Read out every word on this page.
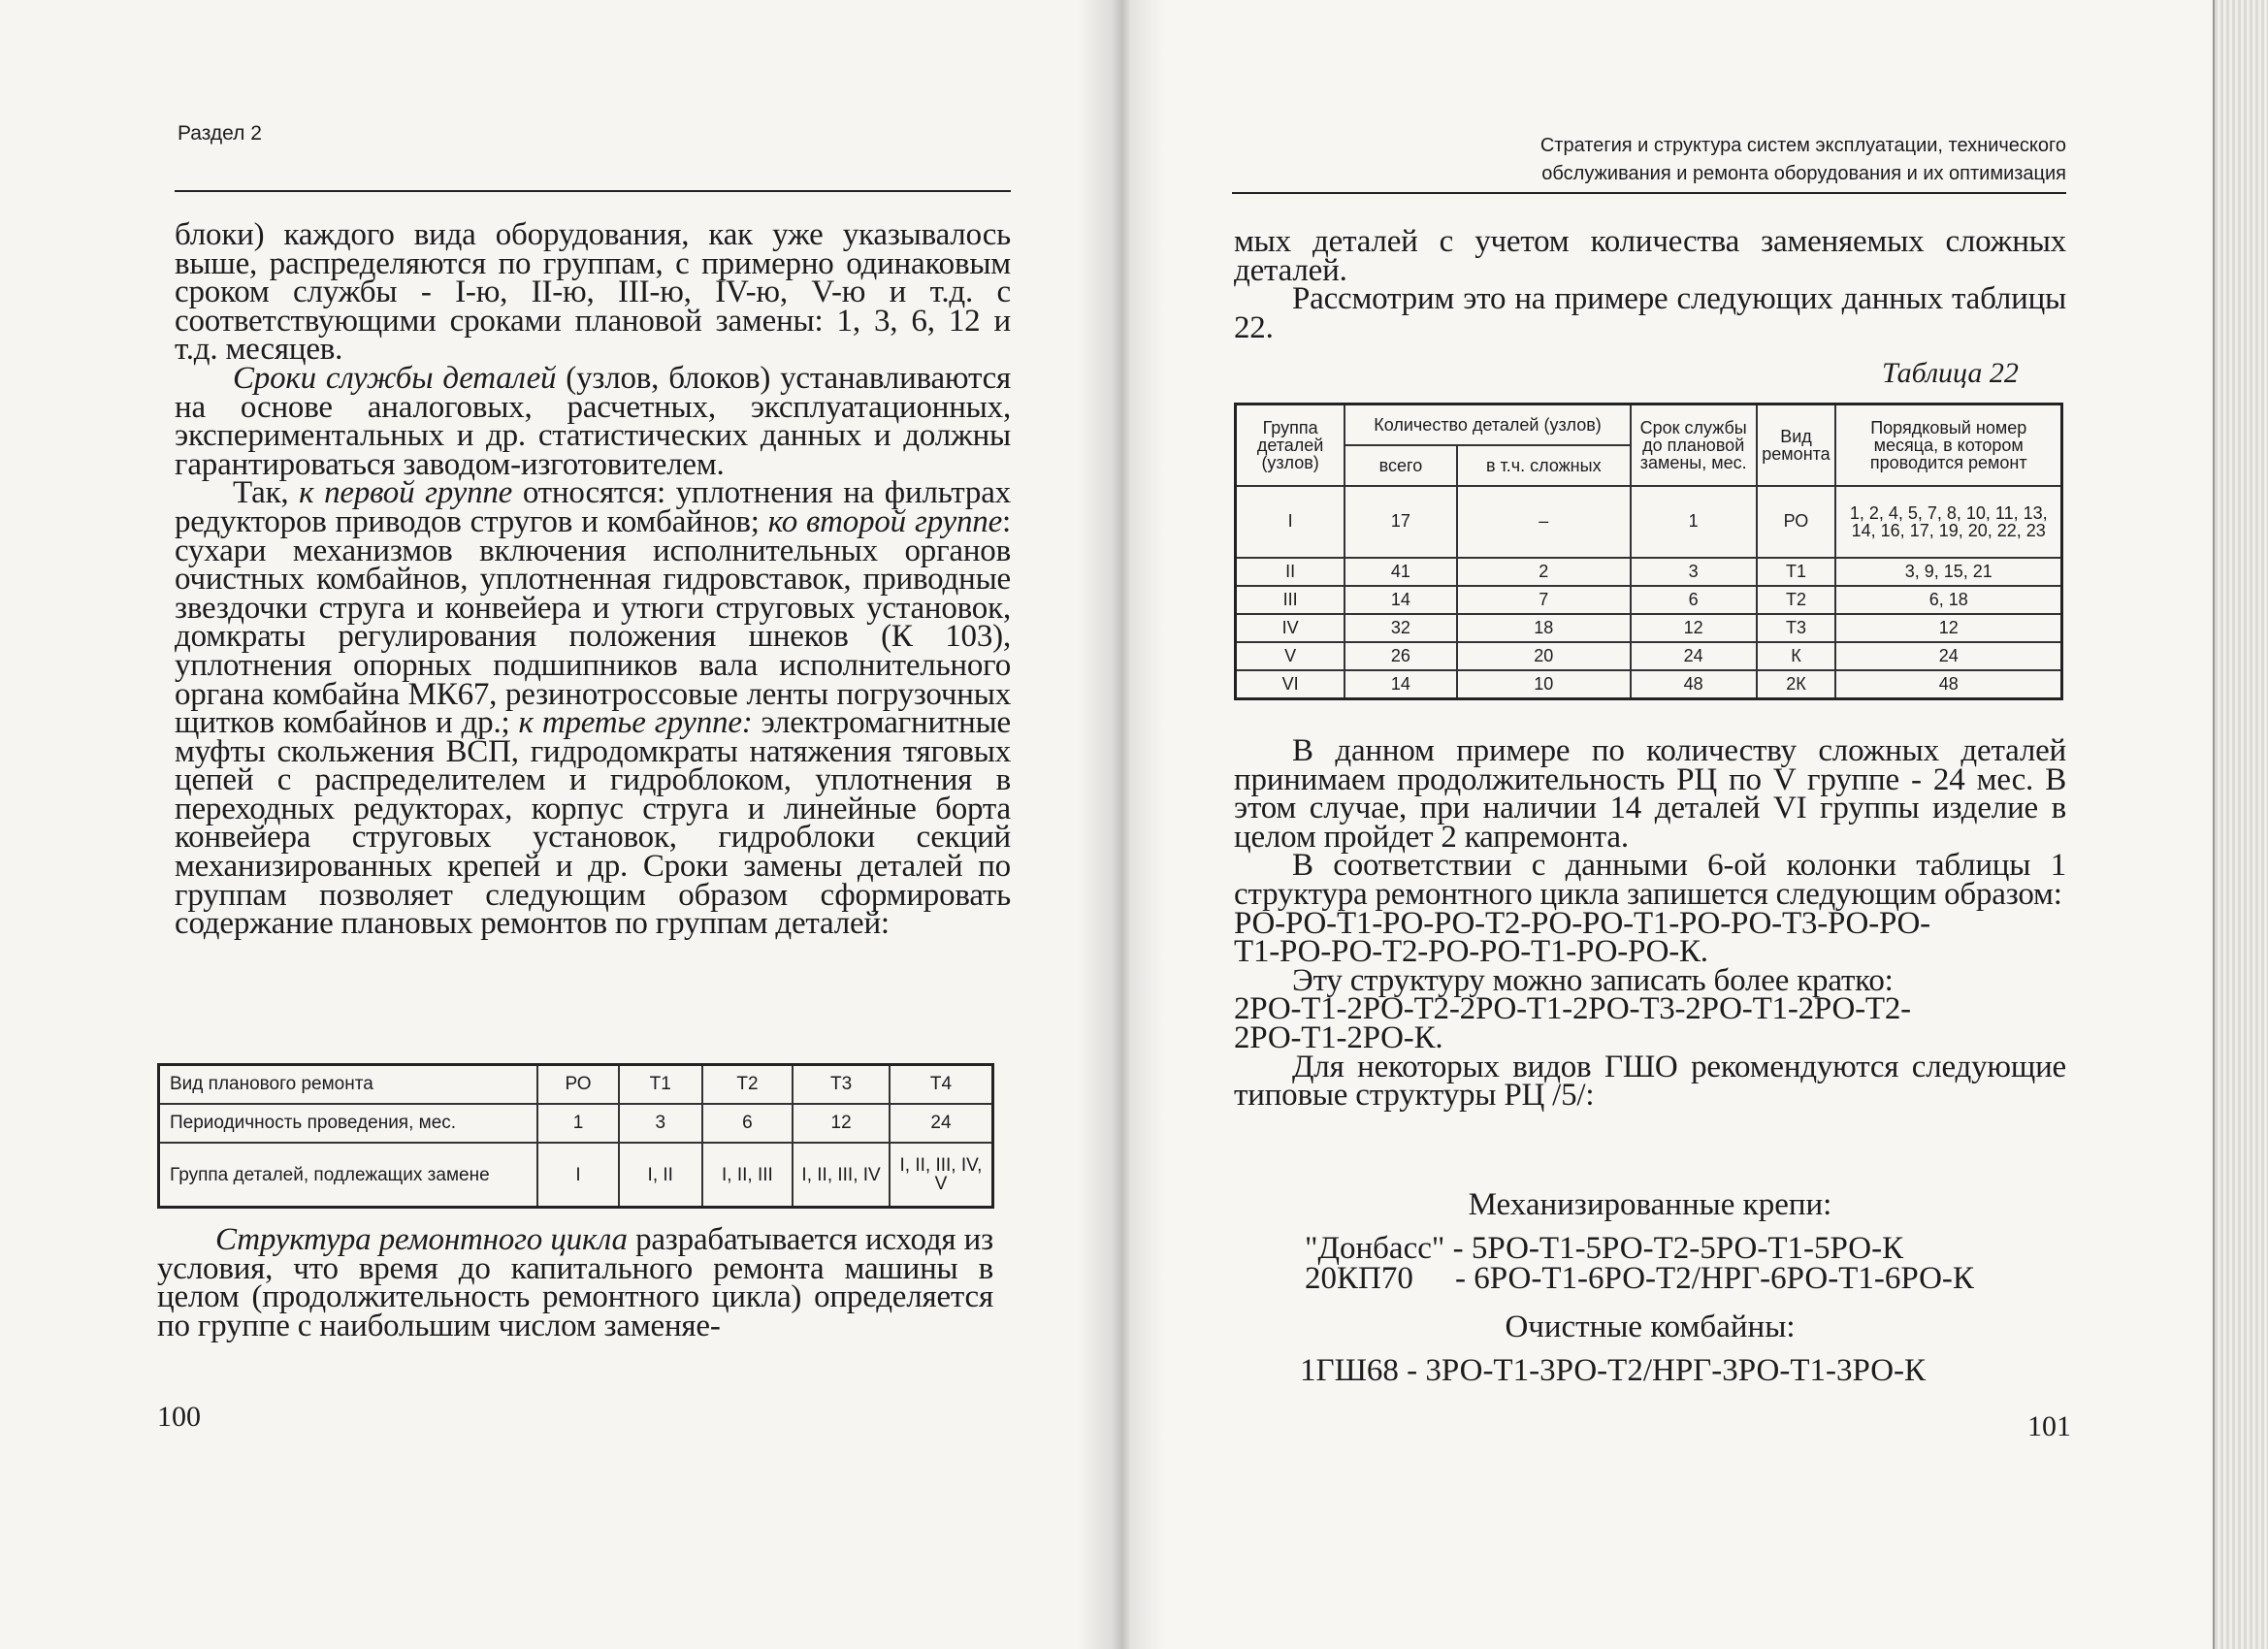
Раздел 2

блоки) каждого вида оборудования, как уже указывалось выше, распределяются по группам, с примерно одинаковым сроком службы - I-ю, II-ю, III-ю, IV-ю, V-ю и т.д. с соответствующими сроками плановой замены: 1, 3, 6, 12 и т.д. месяцев.

Сроки службы деталей (узлов, блоков) устанавливаются на основе аналоговых, расчетных, эксплуатационных, экспериментальных и др. статистических данных и должны гарантироваться заводом-изготовителем.

Так, к первой группе относятся: уплотнения на фильтрах редукторов приводов стругов и комбайнов; ко второй группе: сухари механизмов включения исполнительных органов очистных комбайнов, уплотненная гидровставок, приводные звездочки струга и конвейера и утюги струговых установок, домкраты регулирования положения шнеков (К 103), уплотнения опорных подшипников вала исполнительного органа комбайна МК67, резинотроссовые ленты погрузочных щитков комбайнов и др.; к третье группе: электромагнитные муфты скольжения ВСП, гидродомкраты натяжения тяговых цепей с распределителем и гидроблоком, уплотнения в переходных редукторах, корпус струга и линейные борта конвейера струговых установок, гидроблоки секций механизированных крепей и др. Сроки замены деталей по группам позволяет следующим образом сформировать содержание плановых ремонтов по группам деталей:

Вид планового ремонта	РО	Т1	Т2	Т3	Т4
Периодичность проведения, мес.	1	3	6	12	24
Группа деталей, подлежащих замене	I	I, II	I, II, III	I, II, III, IV	I, II, III, IV, V

Структура ремонтного цикла разрабатывается исходя из условия, что время до капитального ремонта машины в целом (продолжительность ремонтного цикла) определяется по группе с наибольшим числом заменяе-

100
Стратегия и структура систем эксплуатации, технического
обслуживания и ремонта оборудования и их оптимизация

мых деталей с учетом количества заменяемых сложных деталей.

Рассмотрим это на примере следующих данных таблицы 22.

Таблица 22
Группа деталей (узлов)	Количество деталей (узлов)		Срок службы до плановой замены, мес.	Вид ремонта	Порядковый номер месяца, в котором проводится ремонт
	всего	в т.ч. сложных			
I	17	–	1	РО	1, 2, 4, 5, 7, 8, 10, 11, 13, 14, 16, 17, 19, 20, 22, 23
II	41	2	3	Т1	3, 9, 15, 21
III	14	7	6	Т2	6, 18
IV	32	18	12	Т3	12
V	26	20	24	К	24
VI	14	10	48	2К	48

В данном примере по количеству сложных деталей принимаем продолжительность РЦ по V группе - 24 мес. В этом случае, при наличии 14 деталей VI группы изделие в целом пройдет 2 капремонта.

В соответствии с данными 6-ой колонки таблицы 1 структура ремонтного цикла запишется следующим образом:

РО-РО-Т1-РО-РО-Т2-РО-РО-Т1-РО-РО-Т3-РО-РО-
Т1-РО-РО-Т2-РО-РО-Т1-РО-РО-К.

Эту структуру можно записать более кратко:

2РО-Т1-2РО-Т2-2РО-Т1-2РО-Т3-2РО-Т1-2РО-Т2-
2РО-Т1-2РО-К.

Для некоторых видов ГШО рекомендуются следующие типовые структуры РЦ /5/:

Механизированные крепи:
"Донбасс" - 5РО-Т1-5РО-Т2-5РО-Т1-5РО-К
20КП70 - 6РО-Т1-6РО-Т2/НРГ-6РО-Т1-6РО-К
Очистные комбайны:
1ГШ68 - 3РО-Т1-3РО-Т2/НРГ-3РО-Т1-3РО-К
101
